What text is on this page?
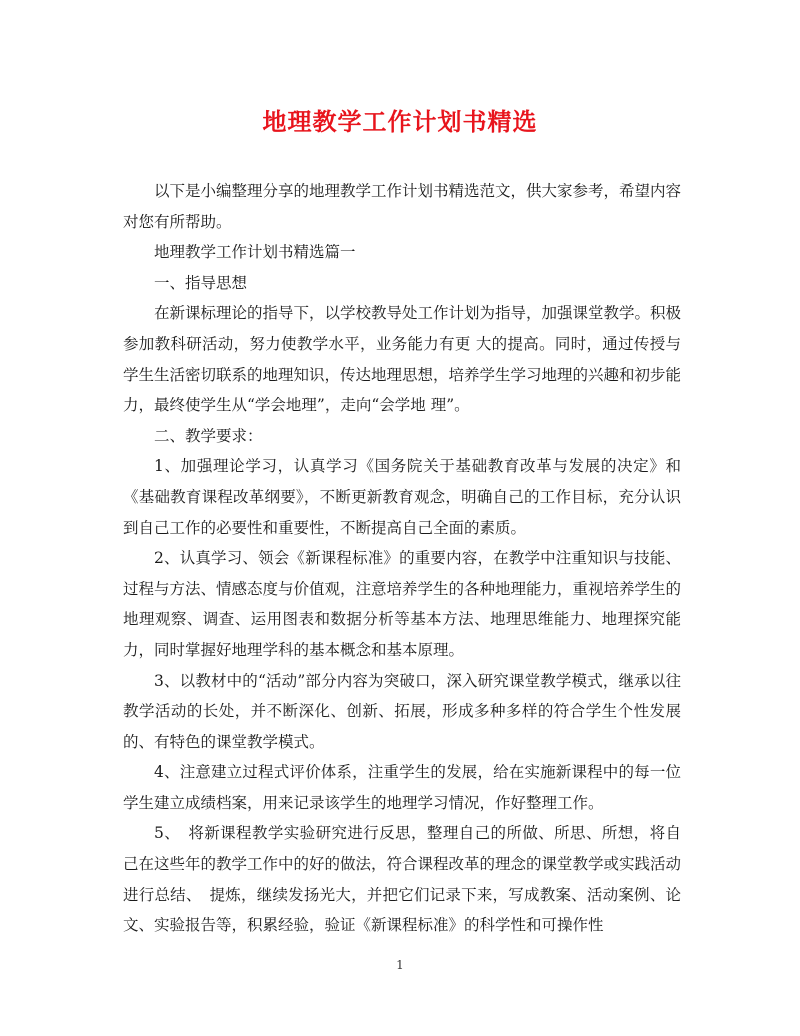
地理教学工作计划书精选

以下是小编整理分享的地理教学工作计划书精选范文，供大家参考，希望内容对您有所帮助。

地理教学工作计划书精选篇一

一、指导思想

在新课标理论的指导下，以学校教导处工作计划为指导，加强课堂教学。积极参加教科研活动，努力使教学水平，业务能力有更 大的提高。同时，通过传授与学生生活密切联系的地理知识，传达地理思想，培养学生学习地理的兴趣和初步能力，最终使学生从“学会地理”，走向“会学地 理”。

二、教学要求：

1、加强理论学习，认真学习《国务院关于基础教育改革与发展的决定》和《基础教育课程改革纲要》，不断更新教育观念，明确自己的工作目标，充分认识到自己工作的必要性和重要性，不断提高自己全面的素质。

2、认真学习、领会《新课程标准》的重要内容，在教学中注重知识与技能、过程与方法、情感态度与价值观，注意培养学生的各种地理能力，重视培养学生的地理观察、调查、运用图表和数据分析等基本方法、地理思维能力、地理探究能力，同时掌握好地理学科的基本概念和基本原理。

3、以教材中的“活动”部分内容为突破口，深入研究课堂教学模式，继承以往教学活动的长处，并不断深化、创新、拓展，形成多种多样的符合学生个性发展的、有特色的课堂教学模式。

4、注意建立过程式评价体系，注重学生的发展，给在实施新课程中的每一位学生建立成绩档案，用来记录该学生的地理学习情况，作好整理工作。

5、　将新课程教学实验研究进行反思，整理自己的所做、所思、所想，将自己在这些年的教学工作中的好的做法，符合课程改革的理念的课堂教学或实践活动进行总结、　提炼，继续发扬光大，并把它们记录下来，写成教案、活动案例、论文、实验报告等，积累经验，验证《新课程标准》的科学性和可操作性

1
